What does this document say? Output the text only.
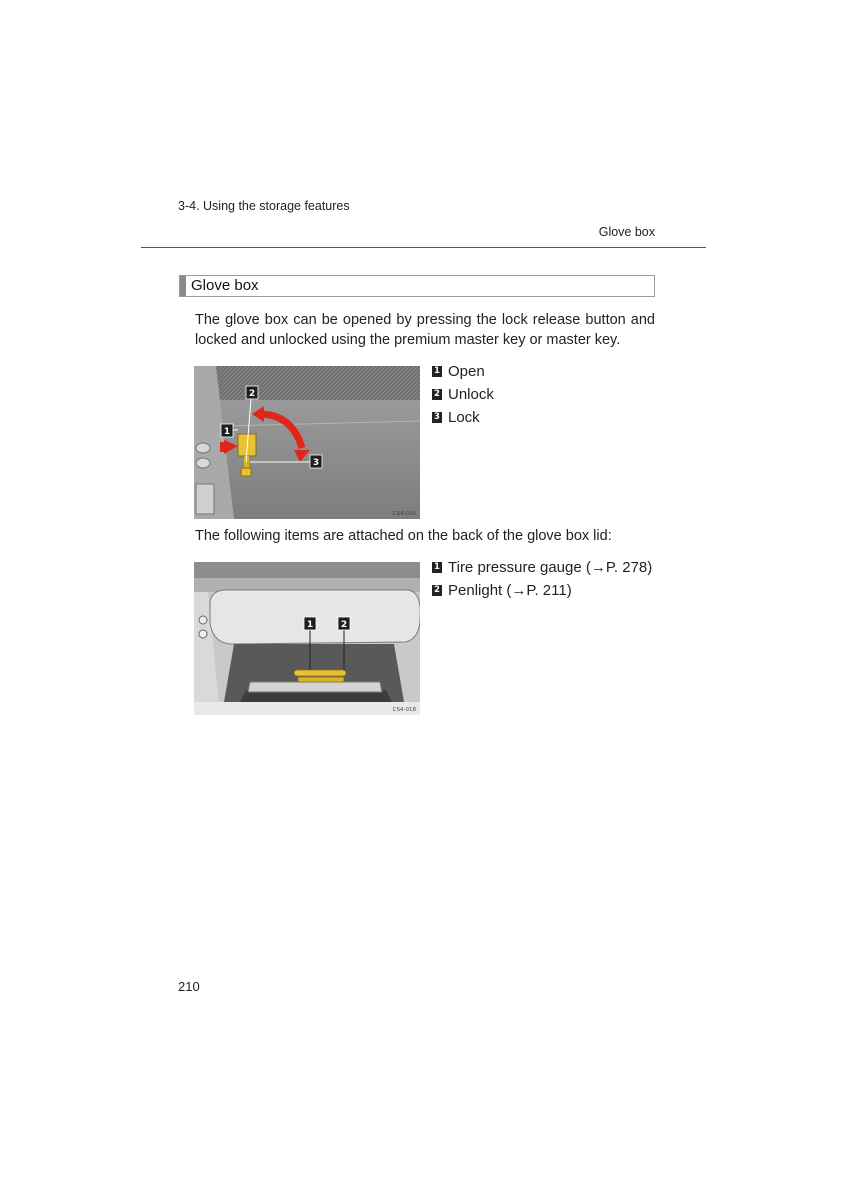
3-4. Using the storage features
Glove box
Glove box
The glove box can be opened by pressing the lock release button and locked and unlocked using the premium master key or master key.
2
1
3
CS4-016
1 Open
2 Unlock
3 Lock
The following items are attached on the back of the glove box lid:
1	2
CS4-018
1 Tire pressure gauge (→P. 278)
2 Penlight (→P. 211)
210
